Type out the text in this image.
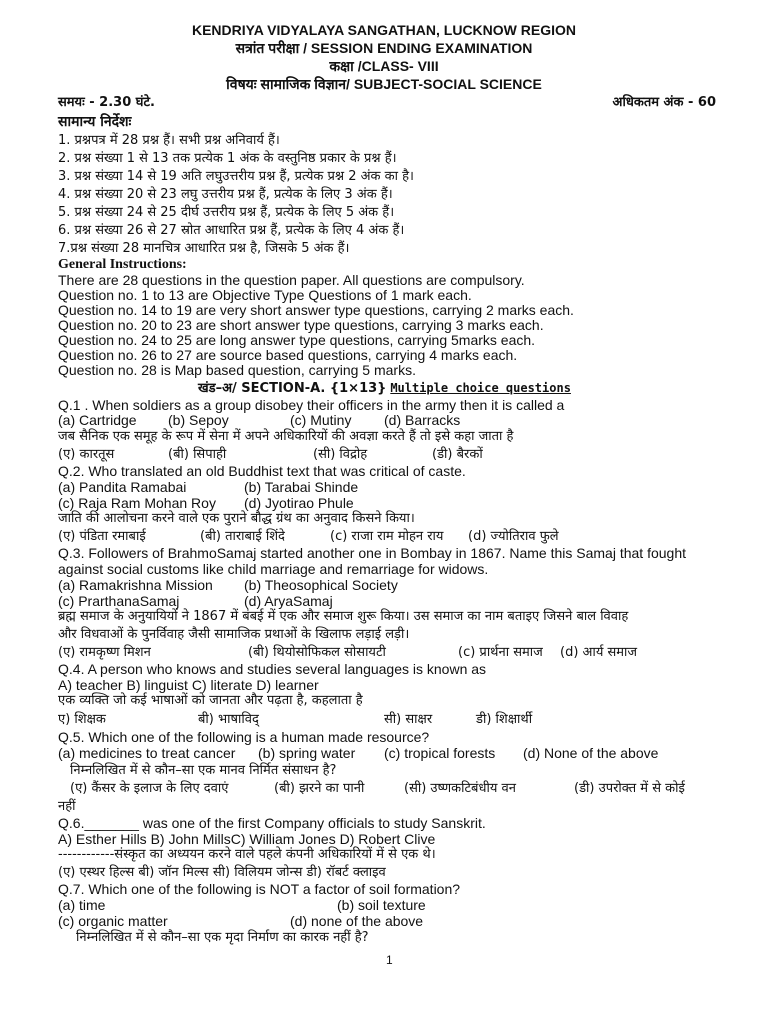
KENDRIYA VIDYALAYA SANGATHAN, LUCKNOW REGION
सत्रांत परीक्षा / SESSION ENDING EXAMINATION
कक्षा /CLASS- VIII
विषयः सामाजिक विज्ञान/ SUBJECT-SOCIAL SCIENCE
समयः - 2.30 घंटे.	अधिकतम अंक - 60
सामान्य निर्देशः
1. प्रश्नपत्र में 28 प्रश्न हैं। सभी प्रश्न अनिवार्य हैं।
2. प्रश्न संख्या 1 से 13 तक प्रत्येक 1 अंक के वस्तुनिष्ठ प्रकार के प्रश्न हैं।
3. प्रश्न संख्या 14 से 19 अति लघुउत्तरीय प्रश्न हैं, प्रत्येक प्रश्न 2 अंक का है।
4. प्रश्न संख्या 20 से 23 लघु उत्तरीय प्रश्न हैं, प्रत्येक के लिए 3 अंक हैं।
5. प्रश्न संख्या 24 से 25 दीर्घ उत्तरीय प्रश्न हैं, प्रत्येक के लिए 5 अंक हैं।
6. प्रश्न संख्या 26 से 27 स्रोत आधारित प्रश्न हैं, प्रत्येक के लिए 4 अंक हैं।
7.प्रश्न संख्या 28 मानचित्र आधारित प्रश्न है, जिसके 5 अंक हैं।
General Instructions:
There are 28 questions in the question paper. All questions are compulsory.
Question no. 1 to 13 are Objective Type Questions of 1 mark each.
Question no. 14 to 19 are very short answer type questions, carrying 2 marks each.
Question no. 20 to 23 are short answer type questions, carrying 3 marks each.
Question no. 24 to 25 are long answer type questions, carrying 5marks each.
Question no. 26 to 27 are source based questions, carrying 4 marks each.
Question no. 28 is Map based question, carrying 5 marks.
खंड–अ/ SECTION-A. {1×13} Multiple choice questions
Q.1 . When soldiers as a group disobey their officers in the army then it is called a
(a) Cartridge (b) Sepoy	(c) Mutiny (d) Barracks
जब सैनिक एक समूह के रूप में सेना में अपने अधिकारियों की अवज्ञा करते हैं तो इसे कहा जाता है
(ए) कारतूस	(बी) सिपाही	(सी) विद्रोह	(डी) बैरकों
Q.2. Who translated an old Buddhist text that was critical of caste.
(a) Pandita Ramabai	(b) Tarabai Shinde
(c) Raja Ram Mohan Roy (d) Jyotirao Phule
जाति की आलोचना करने वाले एक पुराने बौद्ध ग्रंथ का अनुवाद किसने किया।
(ए) पंडिता रमाबाई	(बी) ताराबाई शिंदे	(c) राजा राम मोहन राय (d) ज्योतिराव फुले
Q.3. Followers of BrahmoSamaj started another one in Bombay in 1867. Name this Samaj that fought
against social customs like child marriage and remarriage for widows.
(a) Ramakrishna Mission (b) Theosophical Society
(c) PrarthanaSamaj	(d) AryaSamaj
ब्रह्म समाज के अनुयायियों ने 1867 में बंबई में एक और समाज शुरू किया। उस समाज का नाम बताइए जिसने बाल विवाह
और विधवाओं के पुनर्विवाह जैसी सामाजिक प्रथाओं के खिलाफ लड़ाई लड़ी।
(ए) रामकृष्ण मिशन	(बी) थियोसोफिकल सोसायटी	(c) प्रार्थना समाज (d) आर्य समाज
Q.4. A person who knows and studies several languages is known as
A) teacher B) linguist C) literate D) learner
एक व्यक्ति जो कई भाषाओं को जानता और पढ़ता है, कहलाता है
ए) शिक्षक	बी) भाषाविद्	सी) साक्षर	डी) शिक्षार्थी
Q.5. Which one of the following is a human made resource?
(a) medicines to treat cancer (b) spring water (c) tropical forests (d) None of the above
निम्नलिखित में से कौन–सा एक मानव निर्मित संसाधन है?
(ए) कैंसर के इलाज के लिए दवाएं	(बी) झरने का पानी	(सी) उष्णकटिबंधीय वन	(डी) उपरोक्त में से कोई
नहीं
Q.6._______ was one of the first Company officials to study Sanskrit.
A) Esther Hills B) John MillsC) William Jones D) Robert Clive
------------संस्कृत का अध्ययन करने वाले पहले कंपनी अधिकारियों में से एक थे।
(ए) एस्थर हिल्स बी) जॉन मिल्स सी) विलियम जोन्स डी) रॉबर्ट क्लाइव
Q.7. Which one of the following is NOT a factor of soil formation?
(a) time	(b) soil texture
(c) organic matter	(d) none of the above
निम्नलिखित में से कौन–सा एक मृदा निर्माण का कारक नहीं है?
1
